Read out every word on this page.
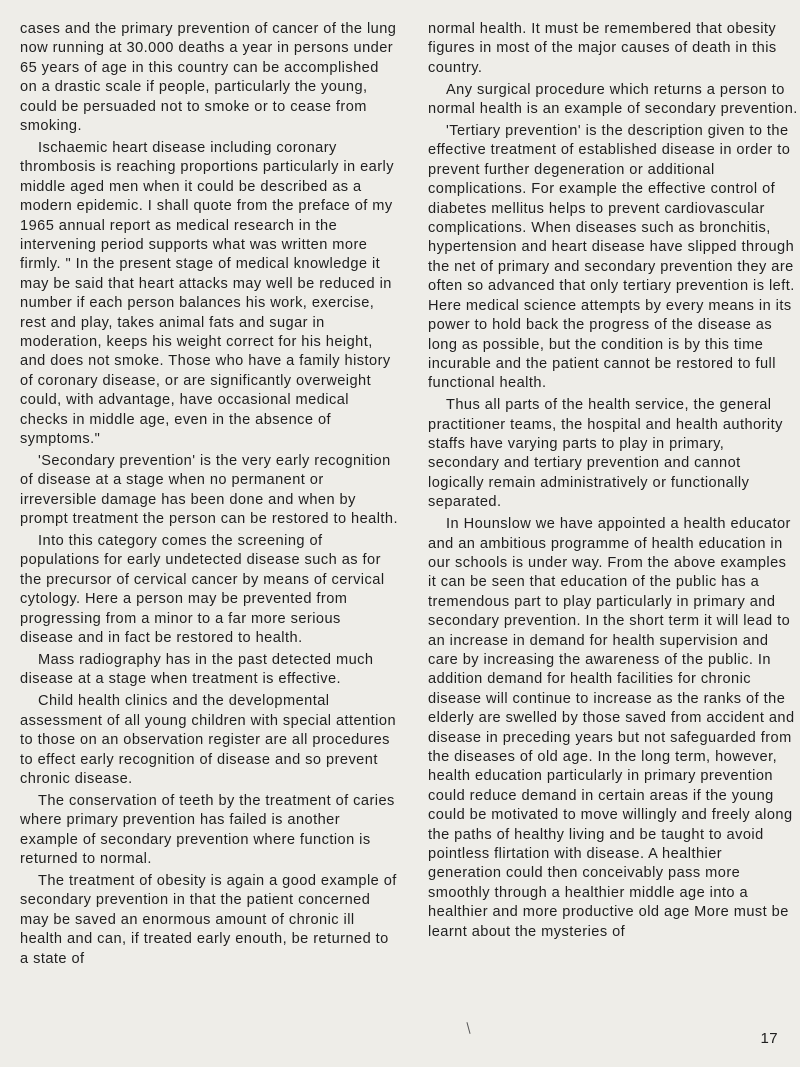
cases and the primary prevention of cancer of the lung now running at 30.000 deaths a year in persons under 65 years of age in this country can be accomplished on a drastic scale if people, particularly the young, could be persuaded not to smoke or to cease from smoking.

Ischaemic heart disease including coronary thrombosis is reaching proportions particularly in early middle aged men when it could be described as a modern epidemic. I shall quote from the preface of my 1965 annual report as medical research in the intervening period supports what was written more firmly. " In the present stage of medical knowledge it may be said that heart attacks may well be reduced in number if each person balances his work, exercise, rest and play, takes animal fats and sugar in moderation, keeps his weight correct for his height, and does not smoke. Those who have a family history of coronary disease, or are significantly overweight could, with advantage, have occasional medical checks in middle age, even in the absence of symptoms."

'Secondary prevention' is the very early recognition of disease at a stage when no permanent or irreversible damage has been done and when by prompt treatment the person can be restored to health.

Into this category comes the screening of populations for early undetected disease such as for the precursor of cervical cancer by means of cervical cytology. Here a person may be prevented from progressing from a minor to a far more serious disease and in fact be restored to health.

Mass radiography has in the past detected much disease at a stage when treatment is effective.

Child health clinics and the developmental assessment of all young children with special attention to those on an observation register are all procedures to effect early recognition of disease and so prevent chronic disease.

The conservation of teeth by the treatment of caries where primary prevention has failed is another example of secondary prevention where function is returned to normal.

The treatment of obesity is again a good example of secondary prevention in that the patient concerned may be saved an enormous amount of chronic ill health and can, if treated early enouth, be returned to a state of

normal health. It must be remembered that obesity figures in most of the major causes of death in this country.

Any surgical procedure which returns a person to normal health is an example of secondary prevention.

'Tertiary prevention' is the description given to the effective treatment of established disease in order to prevent further degeneration or additional complications. For example the effective control of diabetes mellitus helps to prevent cardiovascular complications. When diseases such as bronchitis, hypertension and heart disease have slipped through the net of primary and secondary prevention they are often so advanced that only tertiary prevention is left. Here medical science attempts by every means in its power to hold back the progress of the disease as long as possible, but the condition is by this time incurable and the patient cannot be restored to full functional health.

Thus all parts of the health service, the general practitioner teams, the hospital and health authority staffs have varying parts to play in primary, secondary and tertiary prevention and cannot logically remain administratively or functionally separated.

In Hounslow we have appointed a health educator and an ambitious programme of health education in our schools is under way. From the above examples it can be seen that education of the public has a tremendous part to play particularly in primary and secondary prevention. In the short term it will lead to an increase in demand for health supervision and care by increasing the awareness of the public. In addition demand for health facilities for chronic disease will continue to increase as the ranks of the elderly are swelled by those saved from accident and disease in preceding years but not safeguarded from the diseases of old age. In the long term, however, health education particularly in primary prevention could reduce demand in certain areas if the young could be motivated to move willingly and freely along the paths of healthy living and be taught to avoid pointless flirtation with disease. A healthier generation could then conceivably pass more smoothly through a healthier middle age into a healthier and more productive old age More must be learnt about the mysteries of

17
